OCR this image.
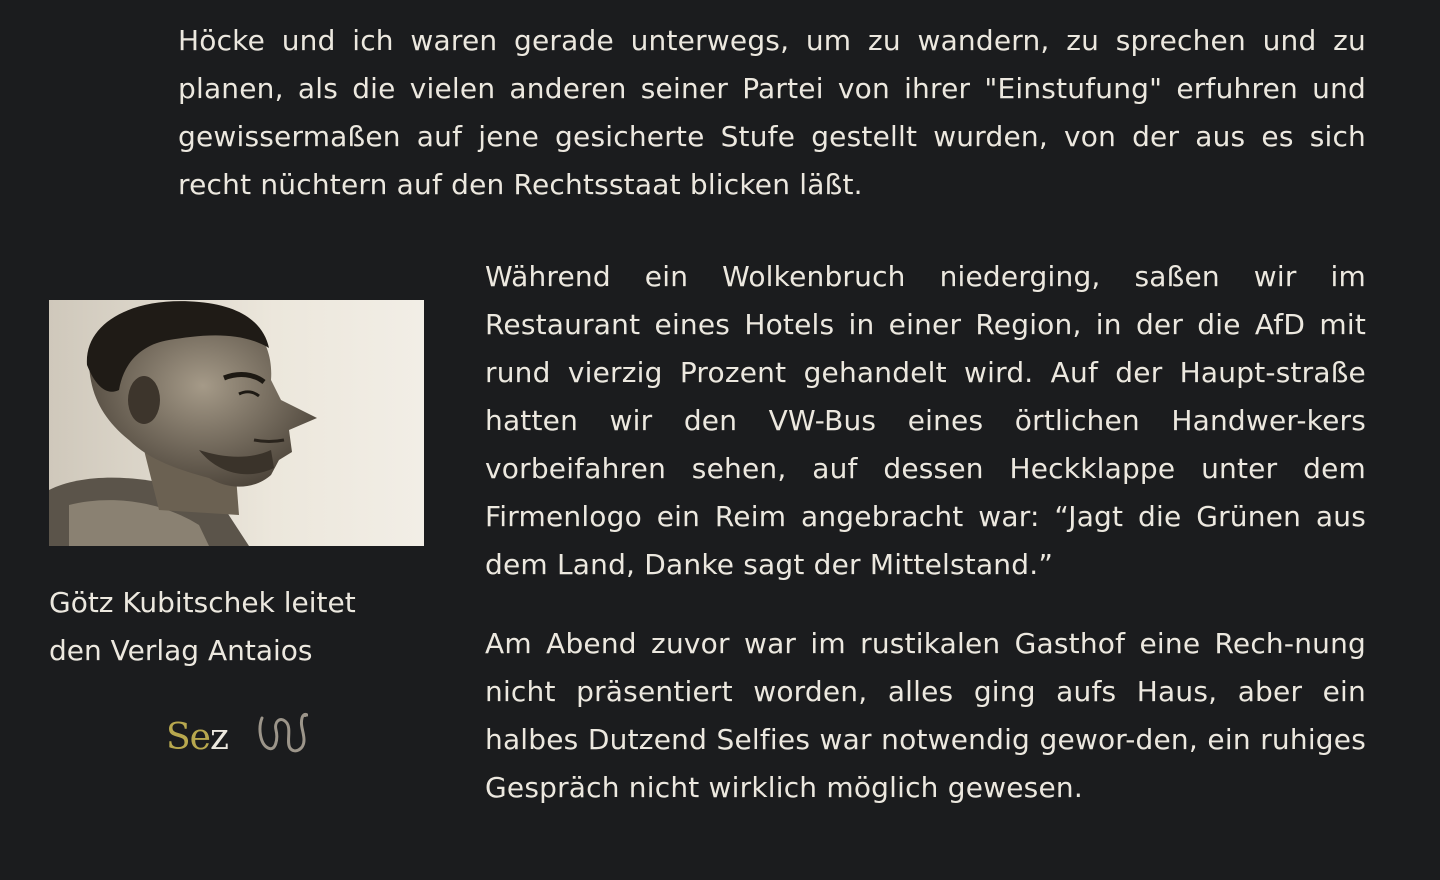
Höcke und ich waren gerade unterwegs, um zu wandern, zu sprechen und zu planen, als die vielen anderen seiner Partei von ihrer "Einstufung" erfuhren und gewissermaßen auf jene gesicherte Stufe gestellt wurden, von der aus es sich recht nüchtern auf den Rechtsstaat blicken läßt.

Götz Kubitschek leitet
den Verlag Antaios

Sez

Während ein Wolkenbruch niederging, saßen wir im Restaurant eines Hotels in einer Region, in der die AfD mit rund vierzig Prozent gehandelt wird. Auf der Haupt-straße hatten wir den VW-Bus eines örtlichen Handwer-kers vorbeifahren sehen, auf dessen Heckklappe unter dem Firmenlogo ein Reim angebracht war: “Jagt die Grünen aus dem Land, Danke sagt der Mittelstand.”

Am Abend zuvor war im rustikalen Gasthof eine Rech-nung nicht präsentiert worden, alles ging aufs Haus, aber ein halbes Dutzend Selfies war notwendig gewor-den, ein ruhiges Gespräch nicht wirklich möglich gewesen.
